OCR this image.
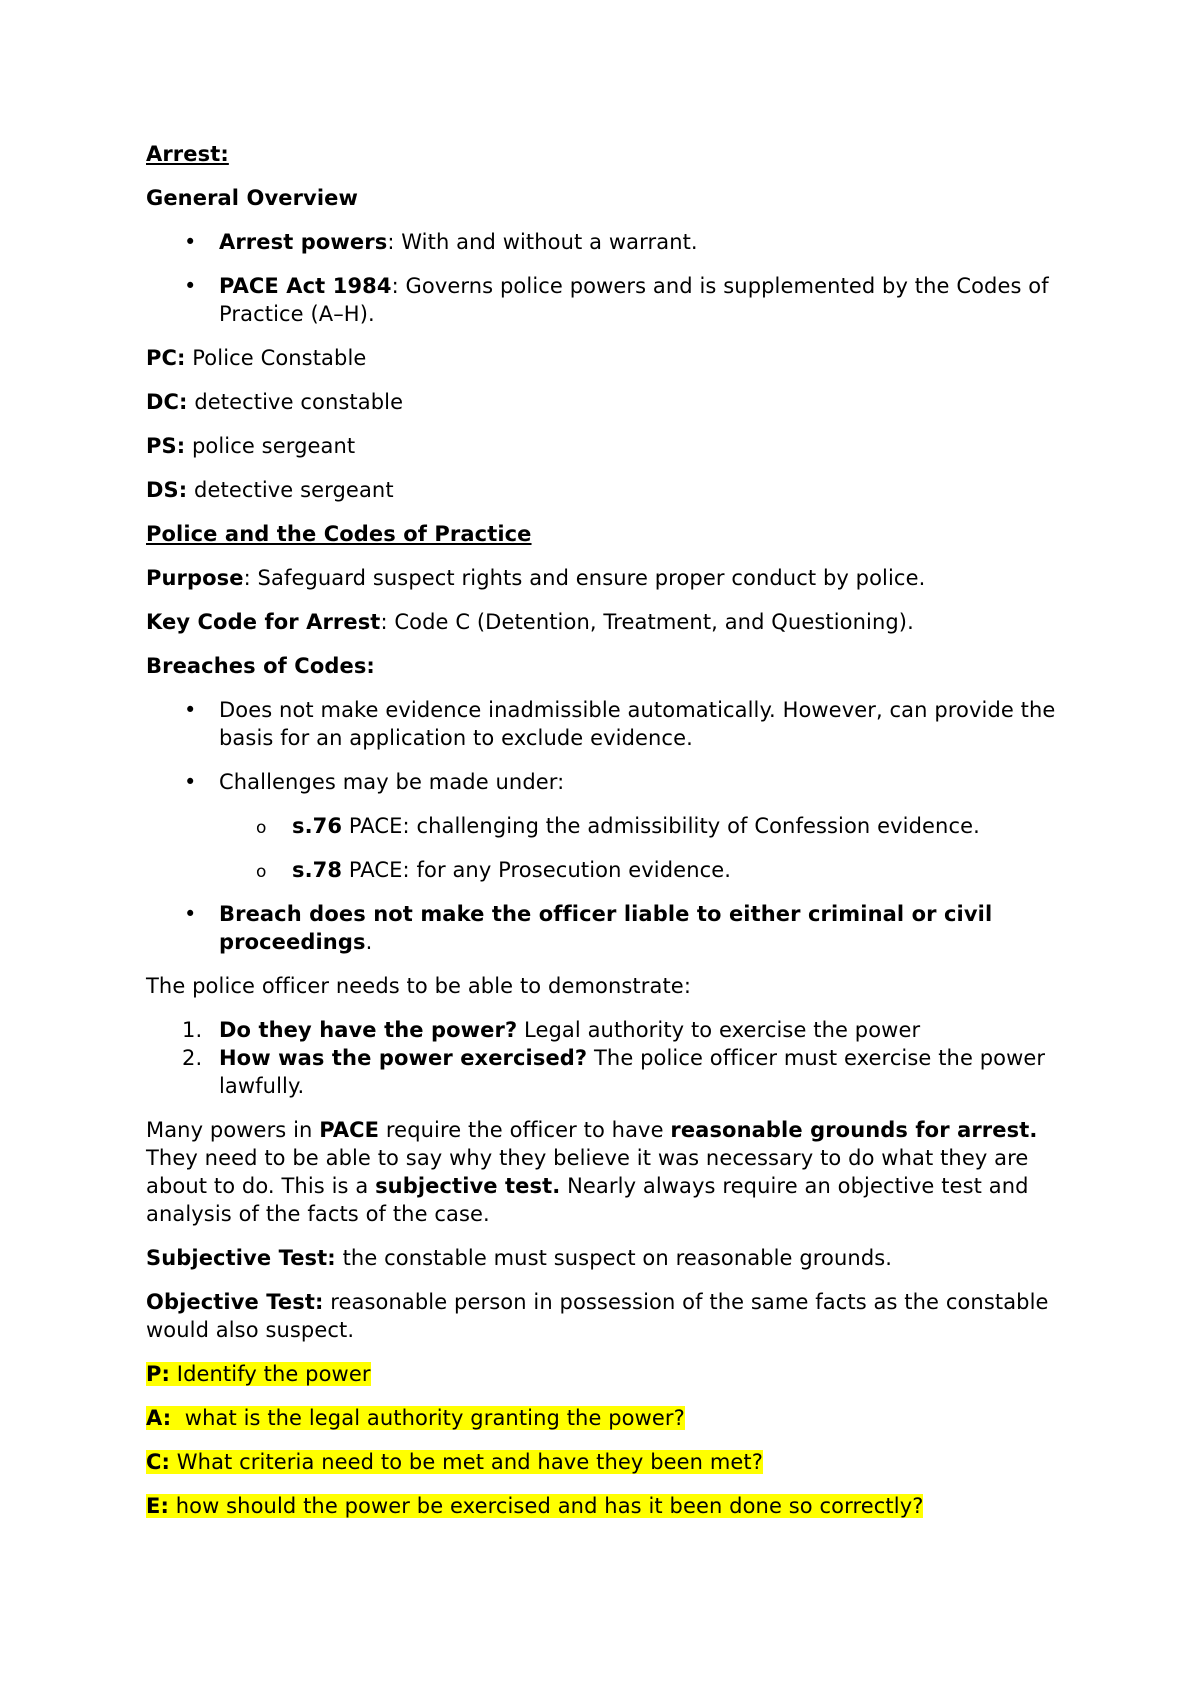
Arrest:

General Overview

• Arrest powers: With and without a warrant.
• PACE Act 1984: Governs police powers and is supplemented by the Codes of Practice (A–H).

PC: Police Constable

DC: detective constable

PS: police sergeant

DS: detective sergeant

Police and the Codes of Practice

Purpose: Safeguard suspect rights and ensure proper conduct by police.

Key Code for Arrest: Code C (Detention, Treatment, and Questioning).

Breaches of Codes:

• Does not make evidence inadmissible automatically. However, can provide the basis for an application to exclude evidence.
• Challenges may be made under:
o s.76 PACE: challenging the admissibility of Confession evidence.
o s.78 PACE: for any Prosecution evidence.
• Breach does not make the officer liable to either criminal or civil proceedings.

The police officer needs to be able to demonstrate:

1. Do they have the power? Legal authority to exercise the power
2. How was the power exercised? The police officer must exercise the power lawfully.

Many powers in PACE require the officer to have reasonable grounds for arrest. They need to be able to say why they believe it was necessary to do what they are about to do. This is a subjective test. Nearly always require an objective test and analysis of the facts of the case.

Subjective Test: the constable must suspect on reasonable grounds.

Objective Test: reasonable person in possession of the same facts as the constable would also suspect.

P: Identify the power

A:  what is the legal authority granting the power?

C: What criteria need to be met and have they been met?

E: how should the power be exercised and has it been done so correctly?
